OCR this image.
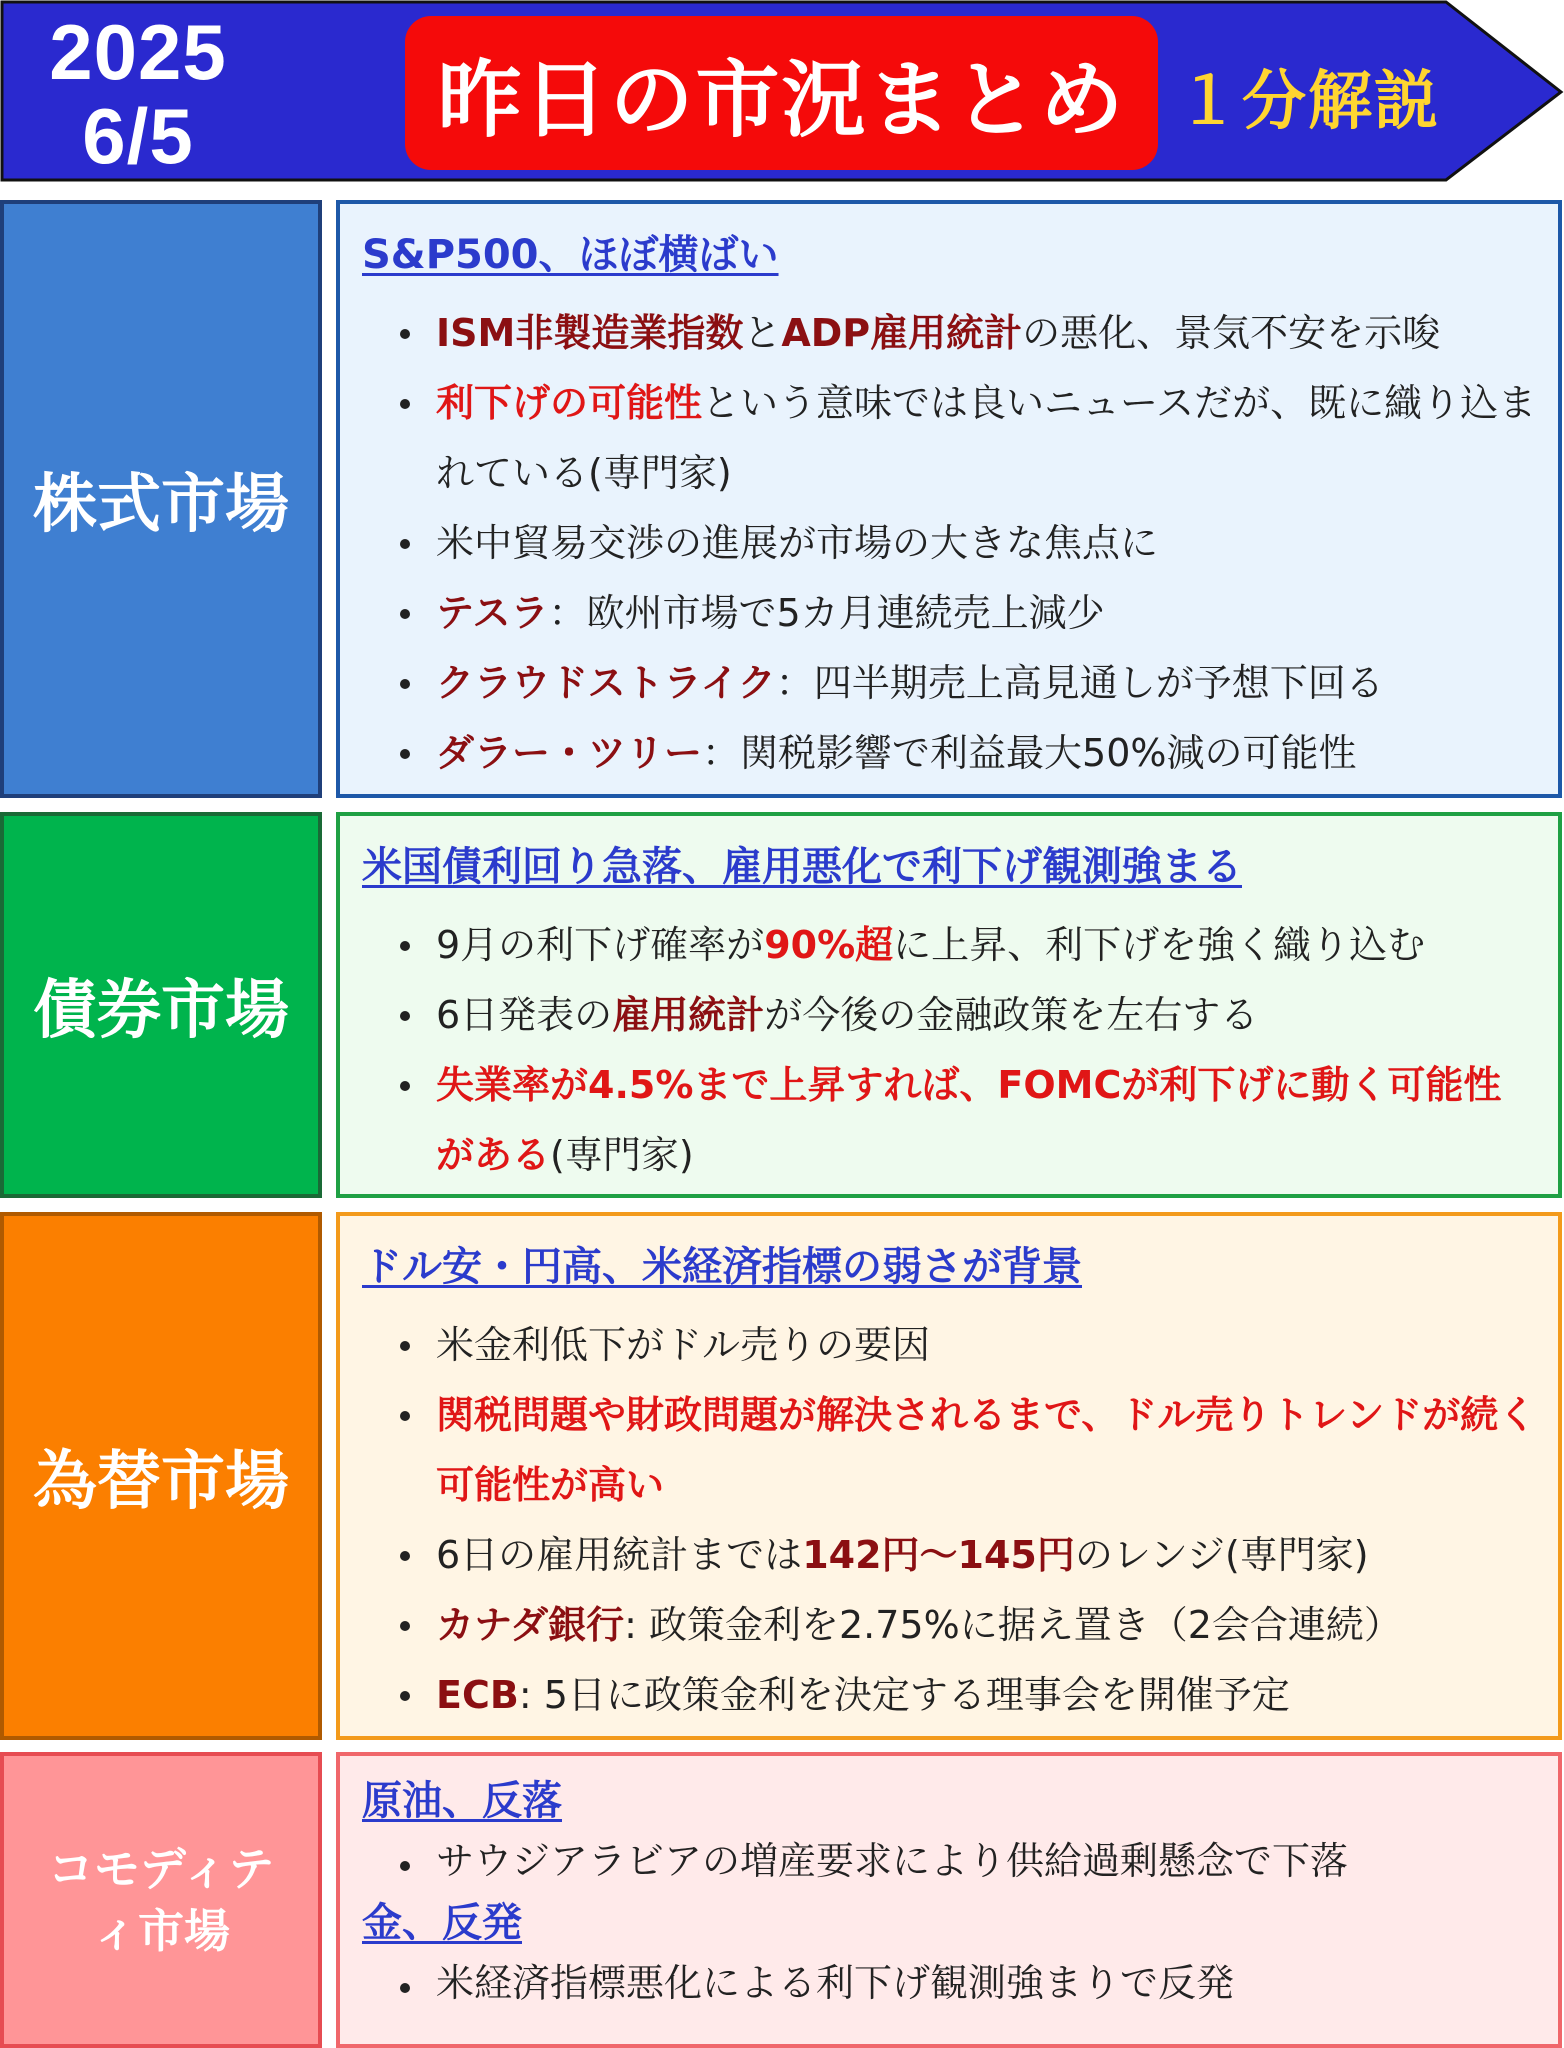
2025
6/5	昨日の市況まとめ １分解説
株式市場
S&P500、ほぼ横ばい
ISM非製造業指数とADP雇用統計の悪化、景気不安を示唆
利下げの可能性という意味では良いニュースだが、既に織り込まれている(専門家)
米中貿易交渉の進展が市場の大きな焦点に
テスラ：欧州市場で5カ月連続売上減少
クラウドストライク：四半期売上高見通しが予想下回る
ダラー・ツリー：関税影響で利益最大50%減の可能性
債券市場
米国債利回り急落、雇用悪化で利下げ観測強まる
9月の利下げ確率が90%超に上昇、利下げを強く織り込む
6日発表の雇用統計が今後の金融政策を左右する
失業率が4.5%まで上昇すれば、FOMCが利下げに動く可能性がある(専門家)
為替市場
ドル安・円高、米経済指標の弱さが背景
米金利低下がドル売りの要因
関税問題や財政問題が解決されるまで、ドル売りトレンドが続く可能性が高い
6日の雇用統計までは142円〜145円のレンジ(専門家)
カナダ銀行: 政策金利を2.75%に据え置き（2会合連続）
ECB: 5日に政策金利を決定する理事会を開催予定
コモディテ
ィ市場
原油、反落
サウジアラビアの増産要求により供給過剰懸念で下落
金、反発
米経済指標悪化による利下げ観測強まりで反発
